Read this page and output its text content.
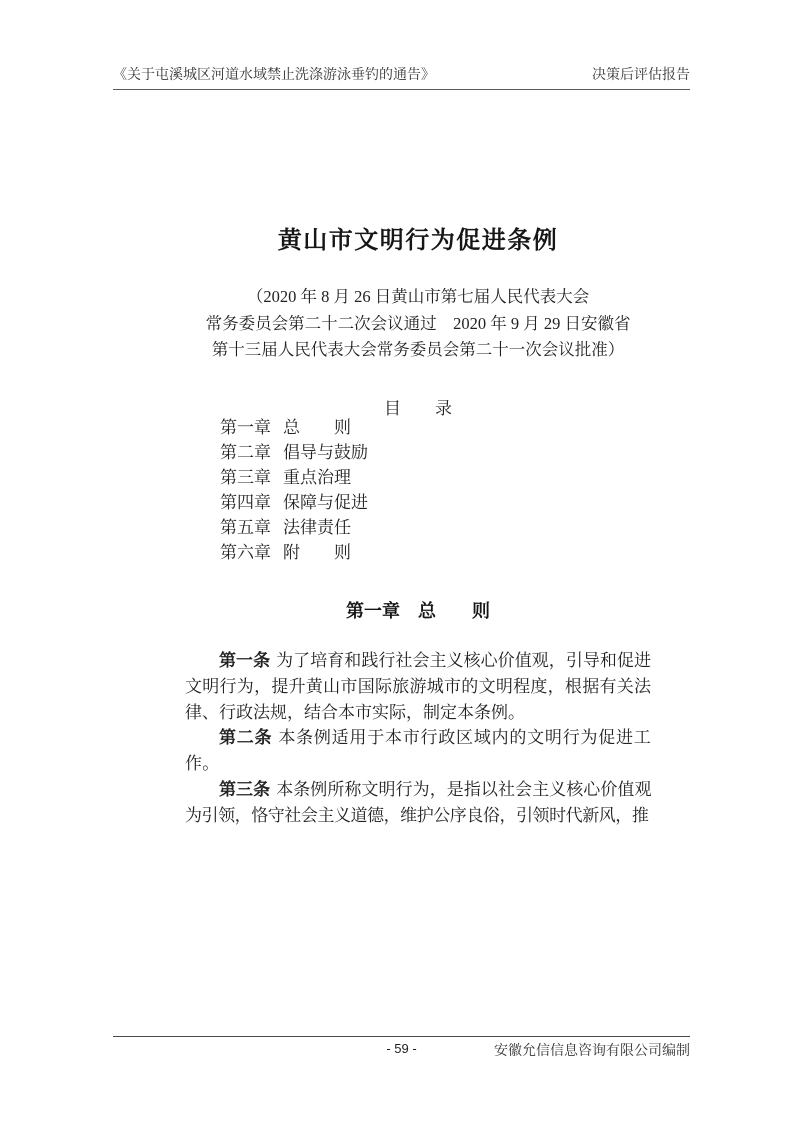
《关于屯溪城区河道水域禁止洗涤游泳垂钓的通告》	决策后评估报告
黄山市文明行为促进条例
（2020 年 8 月 26 日黄山市第七届人民代表大会
常务委员会第二十二次会议通过　2020 年 9 月 29 日安徽省
第十三届人民代表大会常务委员会第二十一次会议批准）
目　　录
第一章 总　　则
第二章 倡导与鼓励
第三章 重点治理
第四章 保障与促进
第五章 法律责任
第六章 附　　则
第一章　总　　则

第一条 为了培育和践行社会主义核心价值观，引导和促进文明行为，提升黄山市国际旅游城市的文明程度，根据有关法律、行政法规，结合本市实际，制定本条例。

第二条 本条例适用于本市行政区域内的文明行为促进工作。

第三条 本条例所称文明行为，是指以社会主义核心价值观为引领，恪守社会主义道德，维护公序良俗，引领时代新风，推

- 59 -	安徽允信信息咨询有限公司编制
